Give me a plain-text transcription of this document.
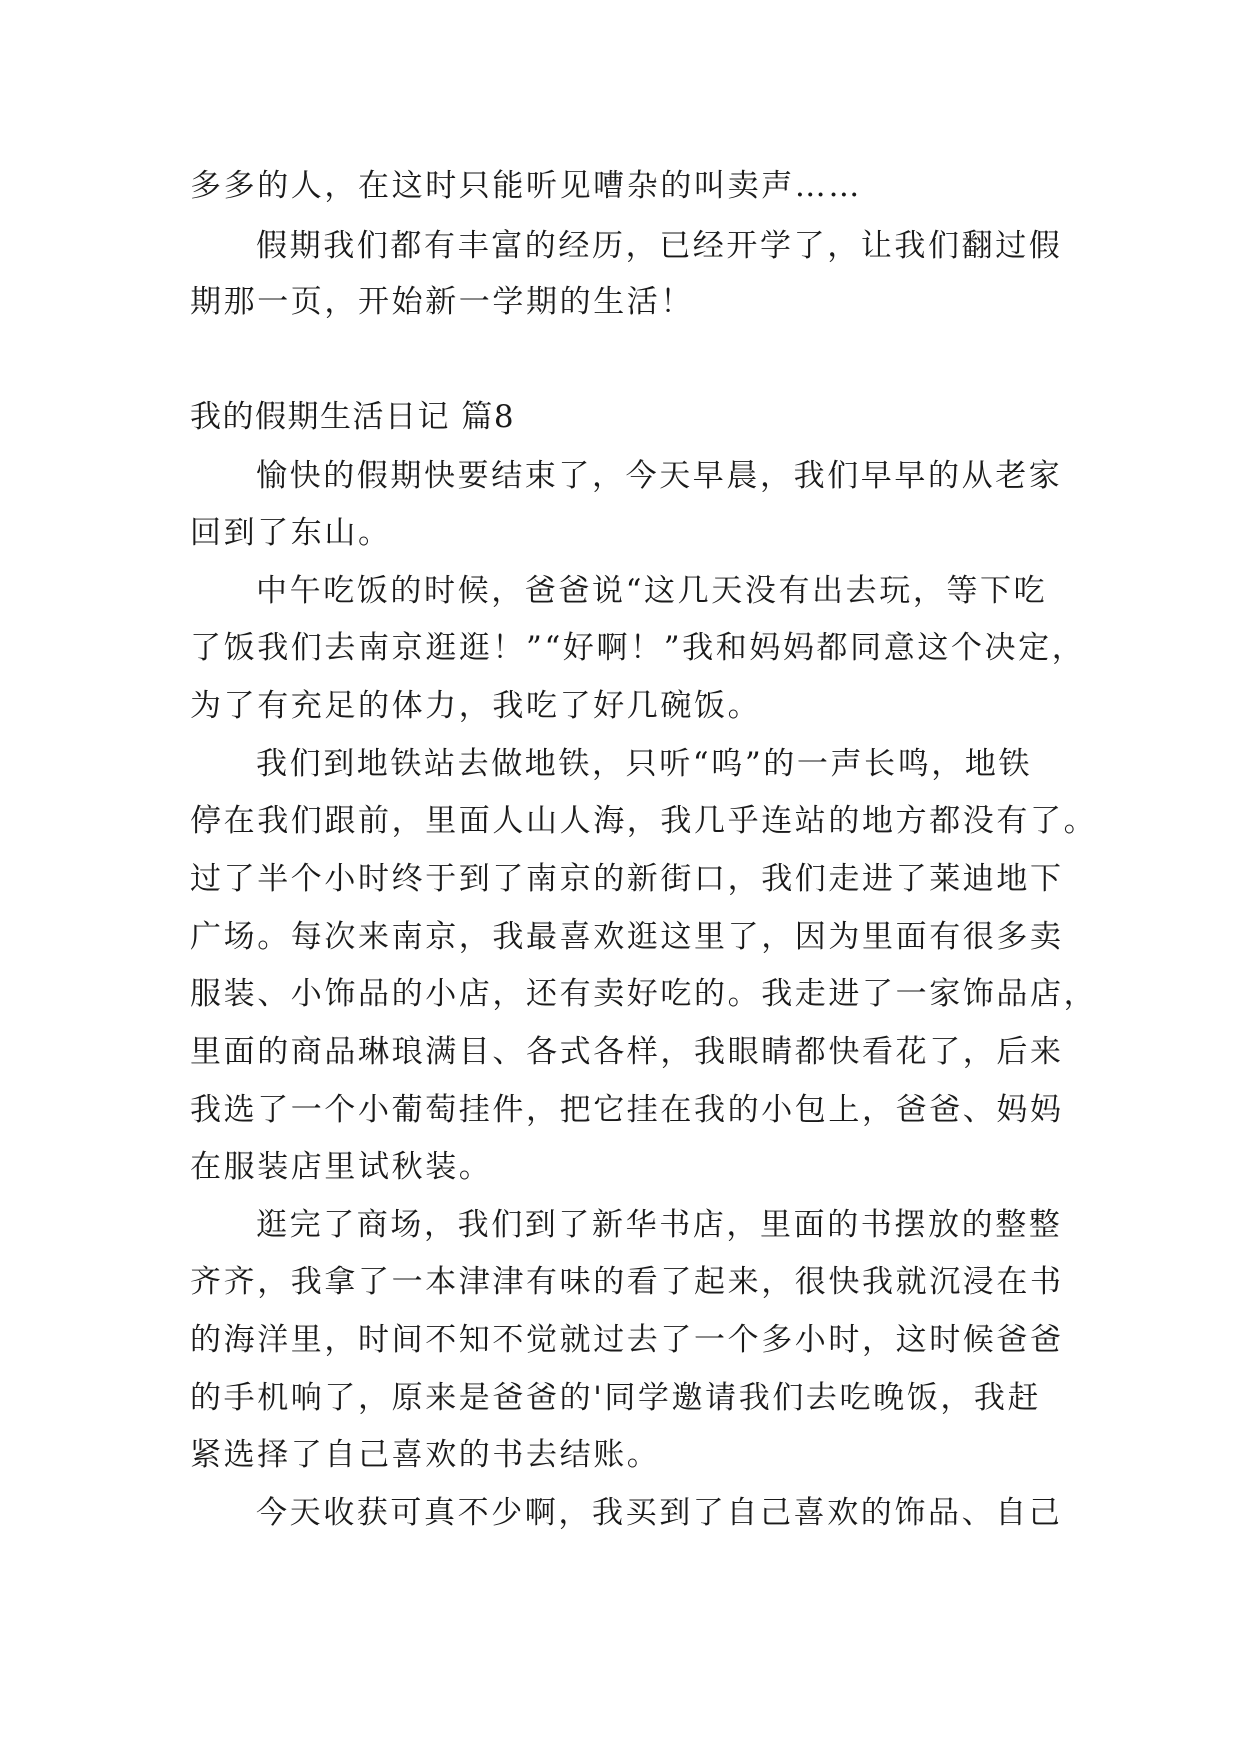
多多的人，在这时只能听见嘈杂的叫卖声……
假期我们都有丰富的经历，已经开学了，让我们翻过假
期那一页，开始新一学期的生活！
我的假期生活日记 篇8
愉快的假期快要结束了，今天早晨，我们早早的从老家
回到了东山。
中午吃饭的时候，爸爸说“这几天没有出去玩，等下吃
了饭我们去南京逛逛！”“好啊！”我和妈妈都同意这个决定，
为了有充足的体力，我吃了好几碗饭。
我们到地铁站去做地铁，只听“呜”的一声长鸣，地铁
停在我们跟前，里面人山人海，我几乎连站的地方都没有了。
过了半个小时终于到了南京的新街口，我们走进了莱迪地下
广场。每次来南京，我最喜欢逛这里了，因为里面有很多卖
服装、小饰品的小店，还有卖好吃的。我走进了一家饰品店，
里面的商品琳琅满目、各式各样，我眼睛都快看花了，后来
我选了一个小葡萄挂件，把它挂在我的小包上，爸爸、妈妈
在服装店里试秋装。
逛完了商场，我们到了新华书店，里面的书摆放的整整
齐齐，我拿了一本津津有味的看了起来，很快我就沉浸在书
的海洋里，时间不知不觉就过去了一个多小时，这时候爸爸
的手机响了，原来是爸爸的'同学邀请我们去吃晚饭，我赶
紧选择了自己喜欢的书去结账。
今天收获可真不少啊，我买到了自己喜欢的饰品、自己
